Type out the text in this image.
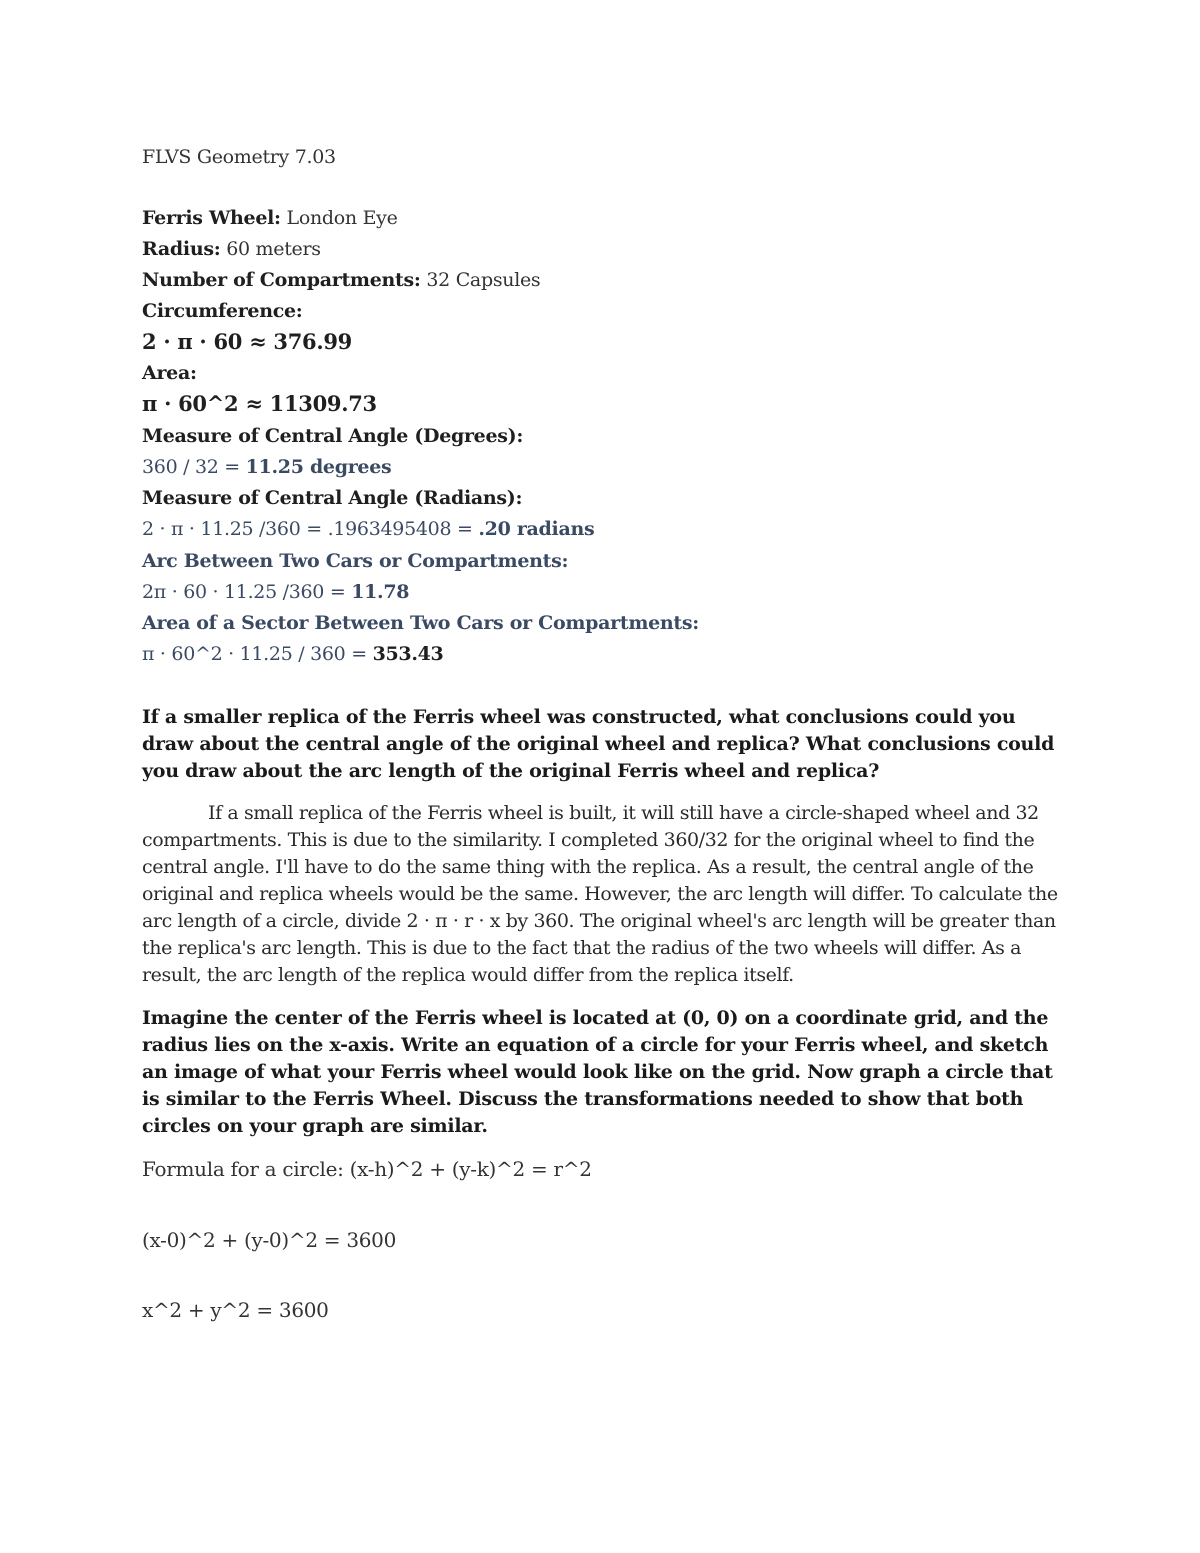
FLVS Geometry 7.03
Ferris Wheel: London Eye
Radius: 60 meters
Number of Compartments: 32 Capsules
Circumference:
2 · π · 60 ≈ 376.99
Area:
π · 60^2 ≈ 11309.73
Measure of Central Angle (Degrees):
360 / 32 = 11.25 degrees
Measure of Central Angle (Radians):
2 · π · 11.25 /360 = .1963495408 = .20 radians
Arc Between Two Cars or Compartments:
2π · 60 · 11.25 /360 = 11.78
Area of a Sector Between Two Cars or Compartments:
π · 60^2 · 11.25 / 360 = 353.43
If a smaller replica of the Ferris wheel was constructed, what conclusions could you draw about the central angle of the original wheel and replica? What conclusions could you draw about the arc length of the original Ferris wheel and replica?
If a small replica of the Ferris wheel is built, it will still have a circle-shaped wheel and 32 compartments. This is due to the similarity. I completed 360/32 for the original wheel to find the central angle. I'll have to do the same thing with the replica. As a result, the central angle of the original and replica wheels would be the same. However, the arc length will differ. To calculate the arc length of a circle, divide 2 · π · r · x by 360. The original wheel's arc length will be greater than the replica's arc length. This is due to the fact that the radius of the two wheels will differ. As a result, the arc length of the replica would differ from the replica itself.
Imagine the center of the Ferris wheel is located at (0, 0) on a coordinate grid, and the radius lies on the x-axis. Write an equation of a circle for your Ferris wheel, and sketch an image of what your Ferris wheel would look like on the grid. Now graph a circle that is similar to the Ferris Wheel. Discuss the transformations needed to show that both circles on your graph are similar.
Formula for a circle: (x-h)^2 + (y-k)^2 = r^2
(x-0)^2 + (y-0)^2 = 3600
x^2 + y^2 = 3600
